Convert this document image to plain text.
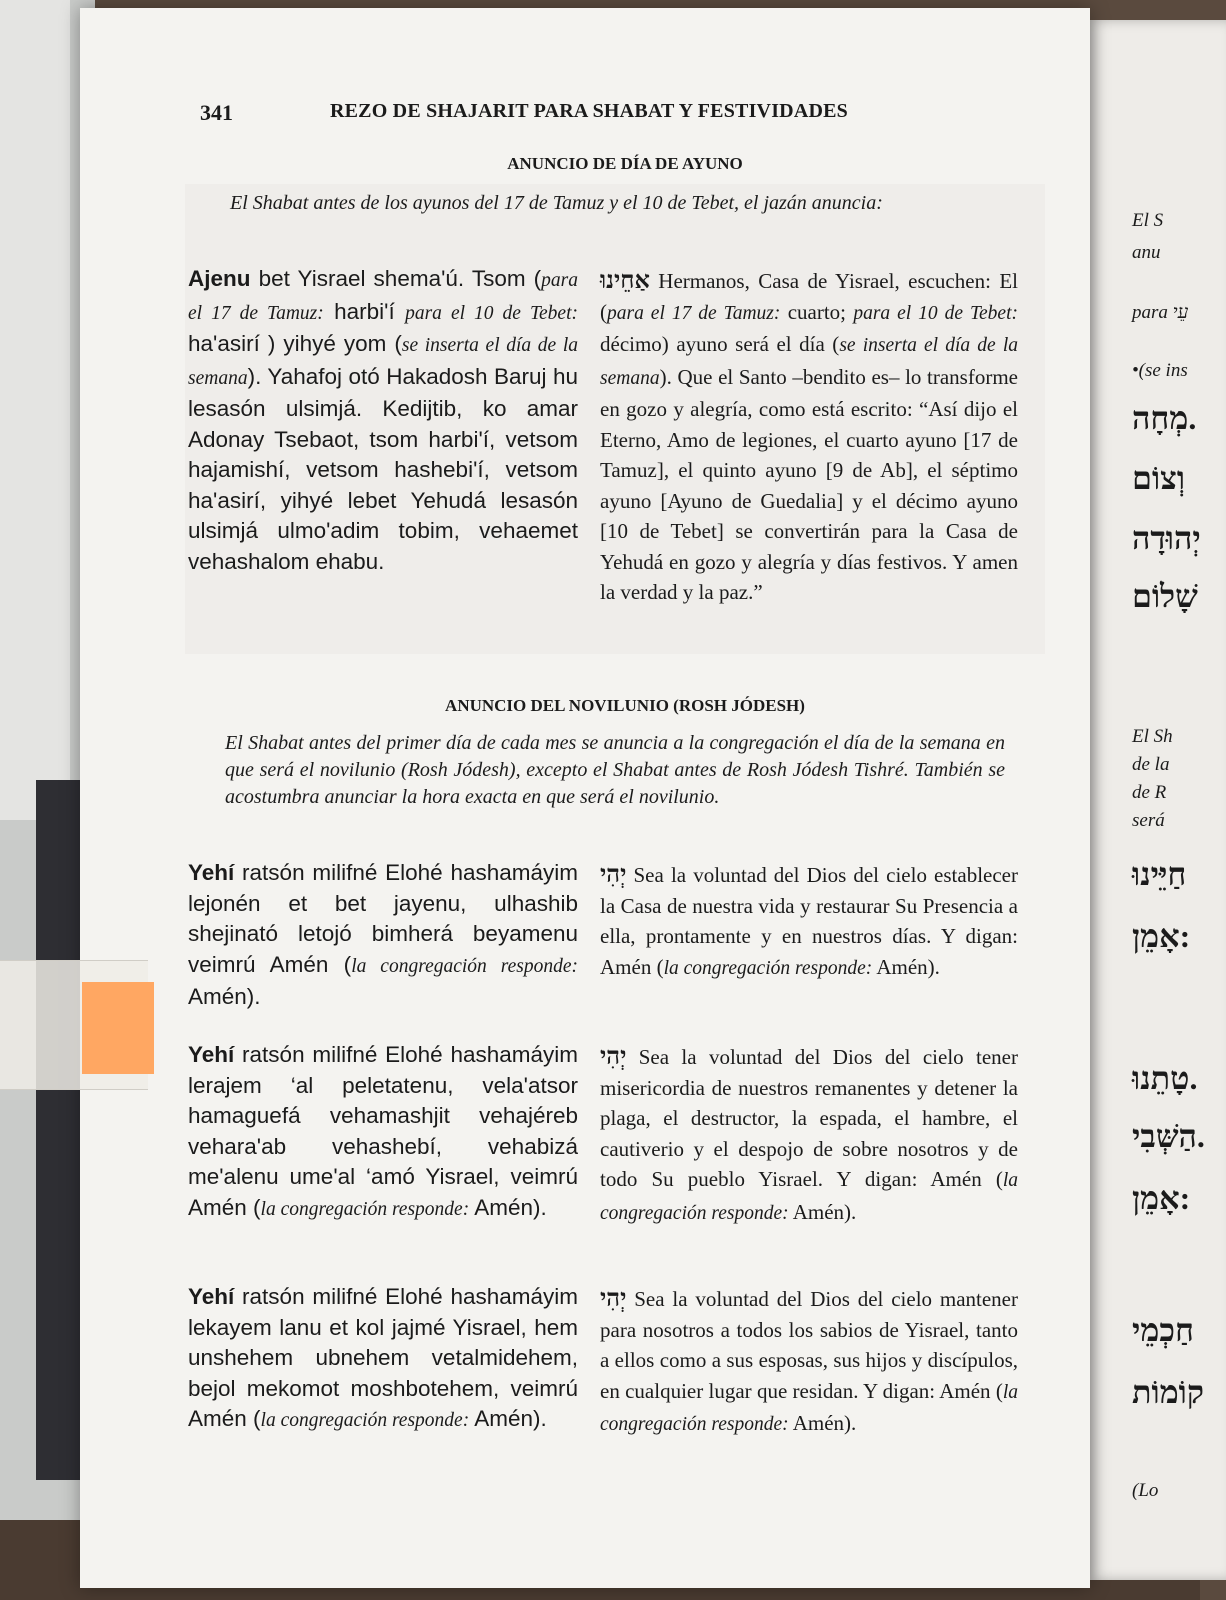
El S
anu
para עֵי
•(se ins
מְחָה.
וְצוֹם
יְהוּדָה
שָׁלוֹם
El Sh
de la
de R
será
חַיֵּינוּ
אָמֵן:
טָתֵנוּ.
הַשְּׁבִי.
אָמֵן:
חַכְמֵי
קוֹמוֹת
(Lo
341	REZO DE SHAJARIT PARA SHABAT Y FESTIVIDADES
ANUNCIO DE DÍA DE AYUNO
El Shabat antes de los ayunos del 17 de Tamuz y el 10 de Tebet, el jazán anuncia:
Ajenu bet Yisrael shema'ú. Tsom (para el 17 de Tamuz: harbi'í para el 10 de Tebet: ha'asirí ) yihyé yom (se inserta el día de la semana). Yahafoj otó Hakadosh Baruj hu lesasón ulsimjá. Kedijtib, ko amar Adonay Tsebaot, tsom harbi'í, vetsom hajamishí, vetsom hashebi'í, vetsom ha'asirí, yihyé lebet Yehudá lesasón ulsimjá ulmo'adim tobim, vehaemet vehashalom ehabu.
אַחֵינוּ Hermanos, Casa de Yisrael, escuchen: El (para el 17 de Tamuz: cuarto; para el 10 de Tebet: décimo) ayuno será el día (se inserta el día de la semana). Que el Santo –bendito es– lo transforme en gozo y alegría, como está escrito: “Así dijo el Eterno, Amo de legiones, el cuarto ayuno [17 de Tamuz], el quinto ayuno [9 de Ab], el séptimo ayuno [Ayuno de Guedalia] y el décimo ayuno [10 de Tebet] se convertirán para la Casa de Yehudá en gozo y alegría y días festivos. Y amen la verdad y la paz.”
ANUNCIO DEL NOVILUNIO (ROSH JÓDESH)
El Shabat antes del primer día de cada mes se anuncia a la congregación el día de la semana en que será el novilunio (Rosh Jódesh), excepto el Shabat antes de Rosh Jódesh Tishré. También se acostumbra anunciar la hora exacta en que será el novilunio.
Yehí ratsón milifné Elohé hashamáyim lejonén et bet jayenu, ulhashib shejinató letojó bimherá beyamenu veimrú Amén (la congregación responde: Amén).
יְהִי Sea la voluntad del Dios del cielo establecer la Casa de nuestra vida y restaurar Su Presencia a ella, prontamente y en nuestros días. Y digan: Amén (la congregación responde: Amén).
Yehí ratsón milifné Elohé hashamáyim lerajem ‘al peletatenu, vela'atsor hamaguefá vehamashjit vehajéreb vehara'ab vehashebí, vehabizá me'alenu ume'al ‘amó Yisrael, veimrú Amén (la congregación responde: Amén).
יְהִי Sea la voluntad del Dios del cielo tener misericordia de nuestros remanentes y detener la plaga, el destructor, la espada, el hambre, el cautiverio y el despojo de sobre nosotros y de todo Su pueblo Yisrael. Y digan: Amén (la congregación responde: Amén).
Yehí ratsón milifné Elohé hashamáyim lekayem lanu et kol jajmé Yisrael, hem unshehem ubnehem vetalmidehem, bejol mekomot moshbotehem, veimrú Amén (la congregación responde: Amén).
יְהִי Sea la voluntad del Dios del cielo mantener para nosotros a todos los sabios de Yisrael, tanto a ellos como a sus esposas, sus hijos y discípulos, en cualquier lugar que residan. Y digan: Amén (la congregación responde: Amén).
